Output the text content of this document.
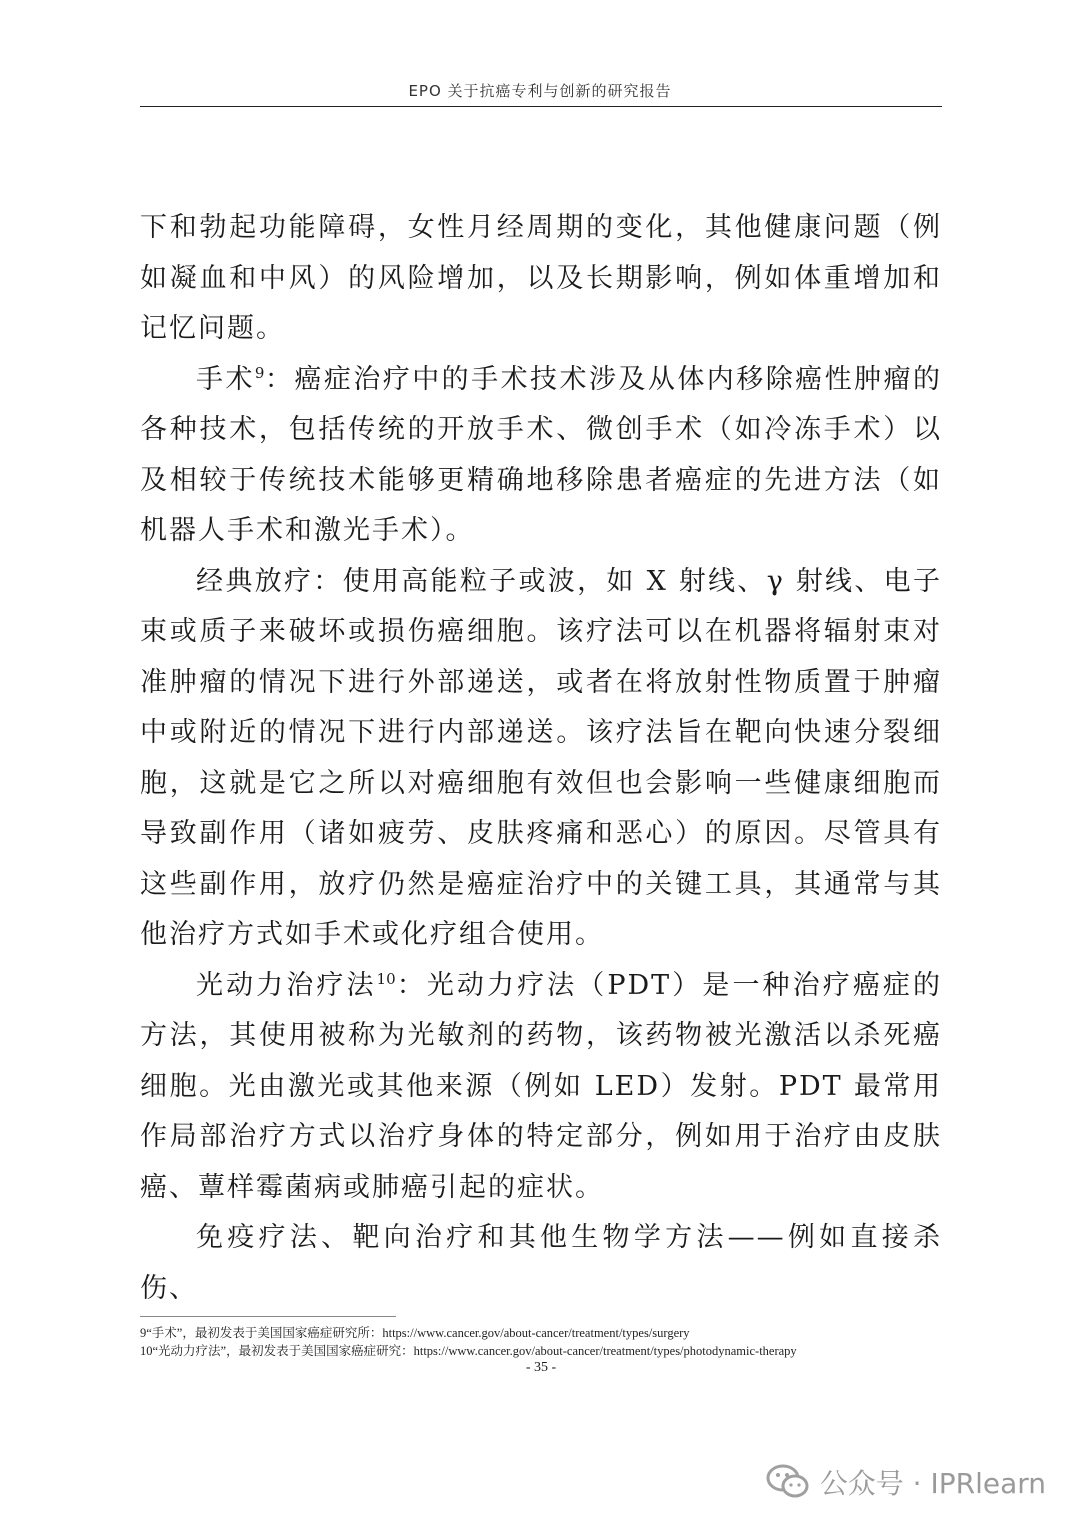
EPO 关于抗癌专利与创新的研究报告

下和勃起功能障碍，女性月经周期的变化，其他健康问题（例如凝血和中风）的风险增加，以及长期影响，例如体重增加和记忆问题。

手术$^9$：癌症治疗中的手术技术涉及从体内移除癌性肿瘤的各种技术，包括传统的开放手术、微创手术（如冷冻手术）以及相较于传统技术能够更精确地移除患者癌症的先进方法（如机器人手术和激光手术）。

经典放疗：使用高能粒子或波，如 X 射线、γ 射线、电子束或质子来破坏或损伤癌细胞。该疗法可以在机器将辐射束对准肿瘤的情况下进行外部递送，或者在将放射性物质置于肿瘤中或附近的情况下进行内部递送。该疗法旨在靶向快速分裂细胞，这就是它之所以对癌细胞有效但也会影响一些健康细胞而导致副作用（诸如疲劳、皮肤疼痛和恶心）的原因。尽管具有这些副作用，放疗仍然是癌症治疗中的关键工具，其通常与其他治疗方式如手术或化疗组合使用。

光动力治疗法$^{10}$：光动力疗法（PDT）是一种治疗癌症的方法，其使用被称为光敏剂的药物，该药物被光激活以杀死癌细胞。光由激光或其他来源（例如 LED）发射。PDT 最常用作局部治疗方式以治疗身体的特定部分，例如用于治疗由皮肤癌、蕈样霉菌病或肺癌引起的症状。

免疫疗法、靶向治疗和其他生物学方法——例如直接杀伤、

9“手术”，最初发表于美国国家癌症研究所：https://www.cancer.gov/about-cancer/treatment/types/surgery
10“光动力疗法”，最初发表于美国国家癌症研究：https://www.cancer.gov/about-cancer/treatment/types/photodynamic-therapy
- 35 -
公众号 · IPRlearn
